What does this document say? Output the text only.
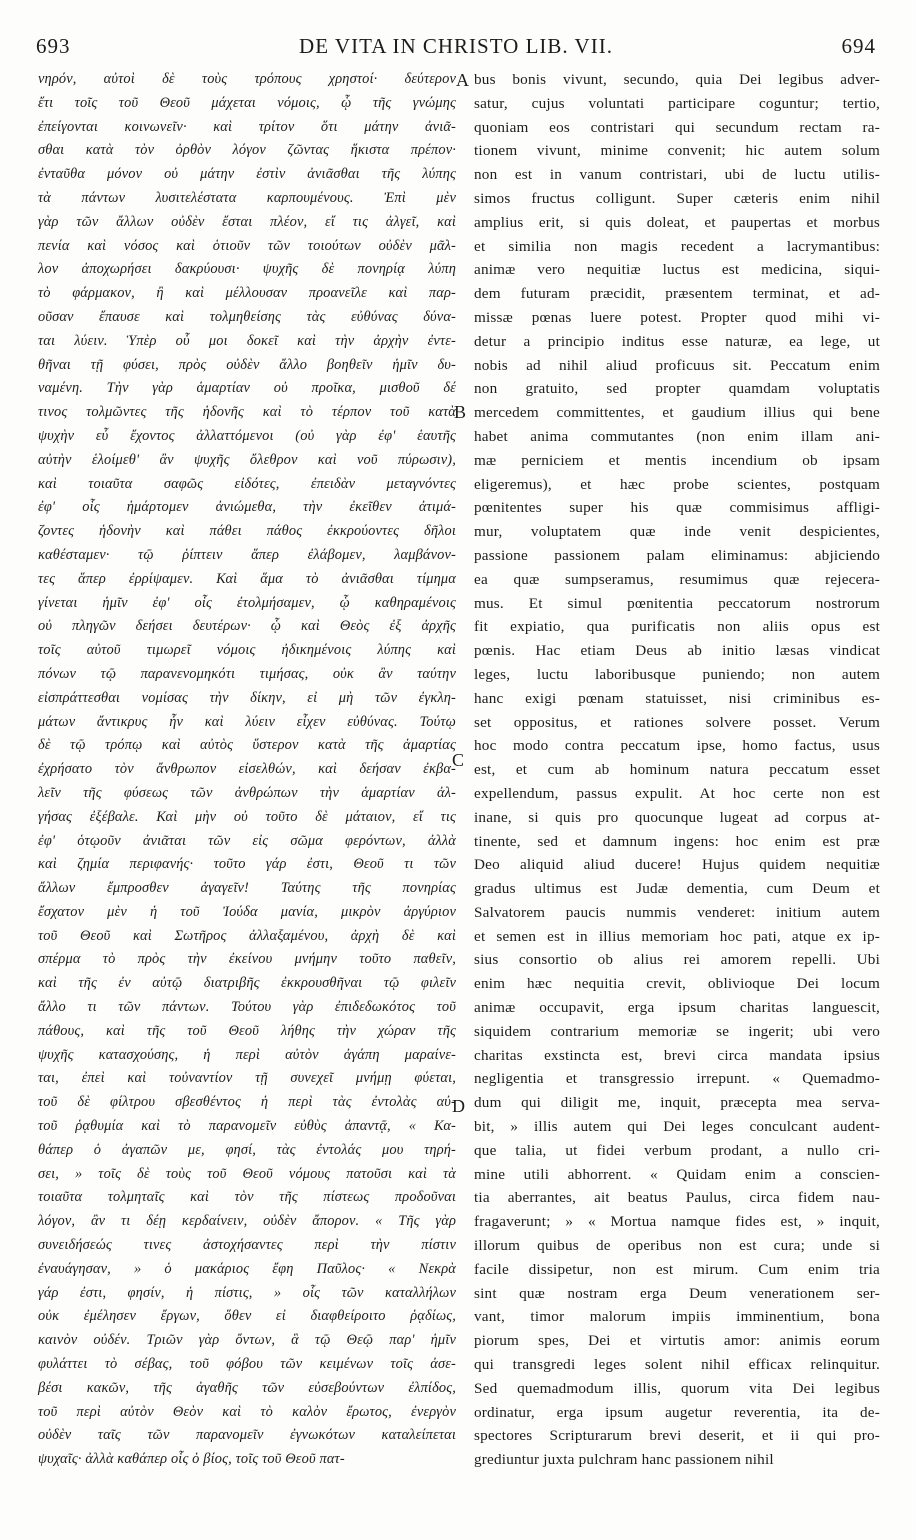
693	DE VITA IN CHRISTO LIB. VII.	694
νηρόν, αὐτοὶ δὲ τοὺς τρόπους χρηστοί· δεύτερον
ἔτι τοῖς τοῦ Θεοῦ μάχεται νόμοις, ᾧ τῆς γνώμης
ἐπείγονται κοινωνεῖν· καὶ τρίτον ὅτι μάτην ἀνιᾶ-
σθαι κατὰ τὸν ὀρθὸν λόγον ζῶντας ἥκιστα πρέπον·
ἐνταῦθα μόνον οὐ μάτην ἐστὶν ἀνιᾶσθαι τῆς λύπης
τὰ πάντων λυσιτελέστατα καρπουμένους. Ἐπὶ μὲν
γὰρ τῶν ἄλλων οὐδὲν ἔσται πλέον, εἴ τις ἀλγεῖ, καὶ
πενία καὶ νόσος καὶ ὁτιοῦν τῶν τοιούτων οὐδὲν μᾶλ-
λον ἀποχωρήσει δακρύουσι· ψυχῆς δὲ πονηρίᾳ λύπη
τὸ φάρμακον, ἢ καὶ μέλλουσαν προανεῖλε καὶ παρ-
οῦσαν ἔπαυσε καὶ τολμηθείσης τὰς εὐθύνας δύνα-
ται λύειν. Ὑπὲρ οὗ μοι δοκεῖ καὶ τὴν ἀρχὴν ἐντε-
θῆναι τῇ φύσει, πρὸς οὐδὲν ἄλλο βοηθεῖν ἡμῖν δυ-
ναμένη. Τὴν γὰρ ἁμαρτίαν οὐ προῖκα, μισθοῦ δέ
τινος τολμῶντες τῆς ἡδονῆς καὶ τὸ τέρπον τοῦ κατὰ
ψυχὴν εὖ ἔχοντος ἀλλαττόμενοι (οὐ γὰρ ἐφ' ἑαυτῆς
αὐτὴν ἑλοίμεθ' ἂν ψυχῆς ὄλεθρον καὶ νοῦ πύρωσιν),
καὶ τοιαῦτα σαφῶς εἰδότες, ἐπειδὰν μεταγνόντες
ἐφ' οἷς ἡμάρτομεν ἀνιώμεθα, τὴν ἐκεῖθεν ἀτιμά-
ζοντες ἡδονὴν καὶ πάθει πάθος ἐκκρούοντες δῆλοι
καθέσταμεν· τῷ ῥίπτειν ἅπερ ἐλάβομεν, λαμβάνον-
τες ἅπερ ἐρρίψαμεν. Καὶ ἅμα τὸ ἀνιᾶσθαι τίμημα
γίνεται ἡμῖν ἐφ' οἷς ἐτολμήσαμεν, ᾧ καθηραμένοις
οὐ πληγῶν δεήσει δευτέρων· ᾧ καὶ Θεὸς ἐξ ἀρχῆς
τοῖς αὐτοῦ τιμωρεῖ νόμοις ἠδικημένοις λύπης καὶ
πόνων τῷ παρανενομηκότι τιμήσας, οὐκ ἂν ταύτην
εἰσπράττεσθαι νομίσας τὴν δίκην, εἰ μὴ τῶν ἐγκλη-
μάτων ἄντικρυς ἦν καὶ λύειν εἶχεν εὐθύνας. Τούτῳ
δὲ τῷ τρόπῳ καὶ αὐτὸς ὕστερον κατὰ τῆς ἁμαρτίας
ἐχρήσατο τὸν ἄνθρωπον εἰσελθών, καὶ δεήσαν ἐκβα-
λεῖν τῆς φύσεως τῶν ἀνθρώπων τὴν ἁμαρτίαν ἀλ-
γήσας ἐξέβαλε. Καὶ μὴν οὐ τοῦτο δὲ μάταιον, εἴ τις
ἐφ' ὁτῳοῦν ἀνιᾶται τῶν εἰς σῶμα φερόντων, ἀλλὰ
καὶ ζημία περιφανής· τοῦτο γάρ ἐστι, Θεοῦ τι τῶν
ἄλλων ἔμπροσθεν ἀγαγεῖν! Ταύτης τῆς πονηρίας
ἔσχατον μὲν ἡ τοῦ Ἰούδα μανία, μικρὸν ἀργύριον
τοῦ Θεοῦ καὶ Σωτῆρος ἀλλαξαμένου, ἀρχὴ δὲ καὶ
σπέρμα τὸ πρὸς τὴν ἐκείνου μνήμην τοῦτο παθεῖν,
καὶ τῆς ἐν αὐτῷ διατριβῆς ἐκκρουσθῆναι τῷ φιλεῖν
ἄλλο τι τῶν πάντων. Τούτου γὰρ ἐπιδεδωκότος τοῦ
πάθους, καὶ τῆς τοῦ Θεοῦ λήθης τὴν χώραν τῆς
ψυχῆς κατασχούσης, ἡ περὶ αὐτὸν ἀγάπη μαραίνε-
ται, ἐπεὶ καὶ τοὐναντίον τῇ συνεχεῖ μνήμῃ φύεται,
τοῦ δὲ φίλτρου σβεσθέντος ἡ περὶ τὰς ἐντολὰς αὐ-
τοῦ ῥᾳθυμία καὶ τὸ παρανομεῖν εὐθὺς ἀπαντᾷ, « Κα-
θάπερ ὁ ἀγαπῶν με, φησί, τὰς ἐντολάς μου τηρή-
σει, » τοῖς δὲ τοὺς τοῦ Θεοῦ νόμους πατοῦσι καὶ τὰ
τοιαῦτα τολμηταῖς καὶ τὸν τῆς πίστεως προδοῦναι
λόγον, ἂν τι δέῃ κερδαίνειν, οὐδὲν ἄπορον. « Τῆς γὰρ
συνειδήσεώς τινες ἀστοχήσαντες περὶ τὴν πίστιν
ἐναυάγησαν, » ὁ μακάριος ἔφη Παῦλος· « Νεκρὰ
γάρ ἐστι, φησίν, ἡ πίστις, » οἷς τῶν καταλλήλων
οὐκ ἐμέλησεν ἔργων, ὅθεν εἰ διαφθείροιτο ῥᾳδίως,
καινὸν οὐδέν. Τριῶν γὰρ ὄντων, ἃ τῷ Θεῷ παρ' ἡμῖν
φυλάττει τὸ σέβας, τοῦ φόβου τῶν κειμένων τοῖς ἀσε-
βέσι κακῶν, τῆς ἀγαθῆς τῶν εὐσεβούντων ἐλπίδος,
τοῦ περὶ αὐτὸν Θεὸν καὶ τὸ καλὸν ἔρωτος, ἐνεργὸν
οὐδὲν ταῖς τῶν παρανομεῖν ἐγνωκότων καταλείπεται
ψυχαῖς· ἀλλὰ καθάπερ οἷς ὁ βίος, τοῖς τοῦ Θεοῦ πατ-
bus bonis vivunt, secundo, quia Dei legibus adver-
satur, cujus voluntati participare coguntur; tertio,
quoniam eos contristari qui secundum rectam ra-
tionem vivunt, minime convenit; hic autem solum
non est in vanum contristari, ubi de luctu utilis-
simos fructus colligunt. Super cæteris enim nihil
amplius erit, si quis doleat, et paupertas et morbus
et similia non magis recedent a lacrymantibus:
animæ vero nequitiæ luctus est medicina, siqui-
dem futuram præcidit, præsentem terminat, et ad-
missæ pœnas luere potest. Propter quod mihi vi-
detur a principio inditus esse naturæ, ea lege, ut
nobis ad nihil aliud proficuus sit. Peccatum enim
non gratuito, sed propter quamdam voluptatis
mercedem committentes, et gaudium illius qui bene
habet anima commutantes (non enim illam ani-
mæ perniciem et mentis incendium ob ipsam
eligeremus), et hæc probe scientes, postquam
pœnitentes super his quæ commisimus affligi-
mur, voluptatem quæ inde venit despicientes,
passione passionem palam eliminamus: abjiciendo
ea quæ sumpseramus, resumimus quæ rejecera-
mus. Et simul pœnitentia peccatorum nostrorum
fit expiatio, qua purificatis non aliis opus est
pœnis. Hac etiam Deus ab initio læsas vindicat
leges, luctu laboribusque puniendo; non autem
hanc exigi pœnam statuisset, nisi criminibus es-
set oppositus, et rationes solvere posset. Verum
hoc modo contra peccatum ipse, homo factus, usus
est, et cum ab hominum natura peccatum esset
expellendum, passus expulit. At hoc certe non est
inane, si quis pro quocunque lugeat ad corpus at-
tinente, sed et damnum ingens: hoc enim est præ
Deo aliquid aliud ducere! Hujus quidem nequitiæ
gradus ultimus est Judæ dementia, cum Deum et
Salvatorem paucis nummis venderet: initium autem
et semen est in illius memoriam hoc pati, atque ex ip-
sius consortio ob alius rei amorem repelli. Ubi
enim hæc nequitia crevit, oblivioque Dei locum
animæ occupavit, erga ipsum charitas languescit,
siquidem contrarium memoriæ se ingerit; ubi vero
charitas exstincta est, brevi circa mandata ipsius
negligentia et transgressio irrepunt. « Quemadmo-
dum qui diligit me, inquit, præcepta mea serva-
bit, » illis autem qui Dei leges conculcant audent-
que talia, ut fidei verbum prodant, a nullo cri-
mine utili abhorrent. « Quidam enim a conscien-
tia aberrantes, ait beatus Paulus, circa fidem nau-
fragaverunt; » « Mortua namque fides est, » inquit,
illorum quibus de operibus non est cura; unde si
facile dissipetur, non est mirum. Cum enim tria
sint quæ nostram erga Deum venerationem ser-
vant, timor malorum impiis imminentium, bona
piorum spes, Dei et virtutis amor: animis eorum
qui transgredi leges solent nihil efficax relinquitur.
Sed quemadmodum illis, quorum vita Dei legibus
ordinatur, erga ipsum augetur reverentia, ita de-
spectores Scripturarum brevi deserit, et ii qui pro-
grediuntur juxta pulchram hanc passionem nihil
A
B
C
D
